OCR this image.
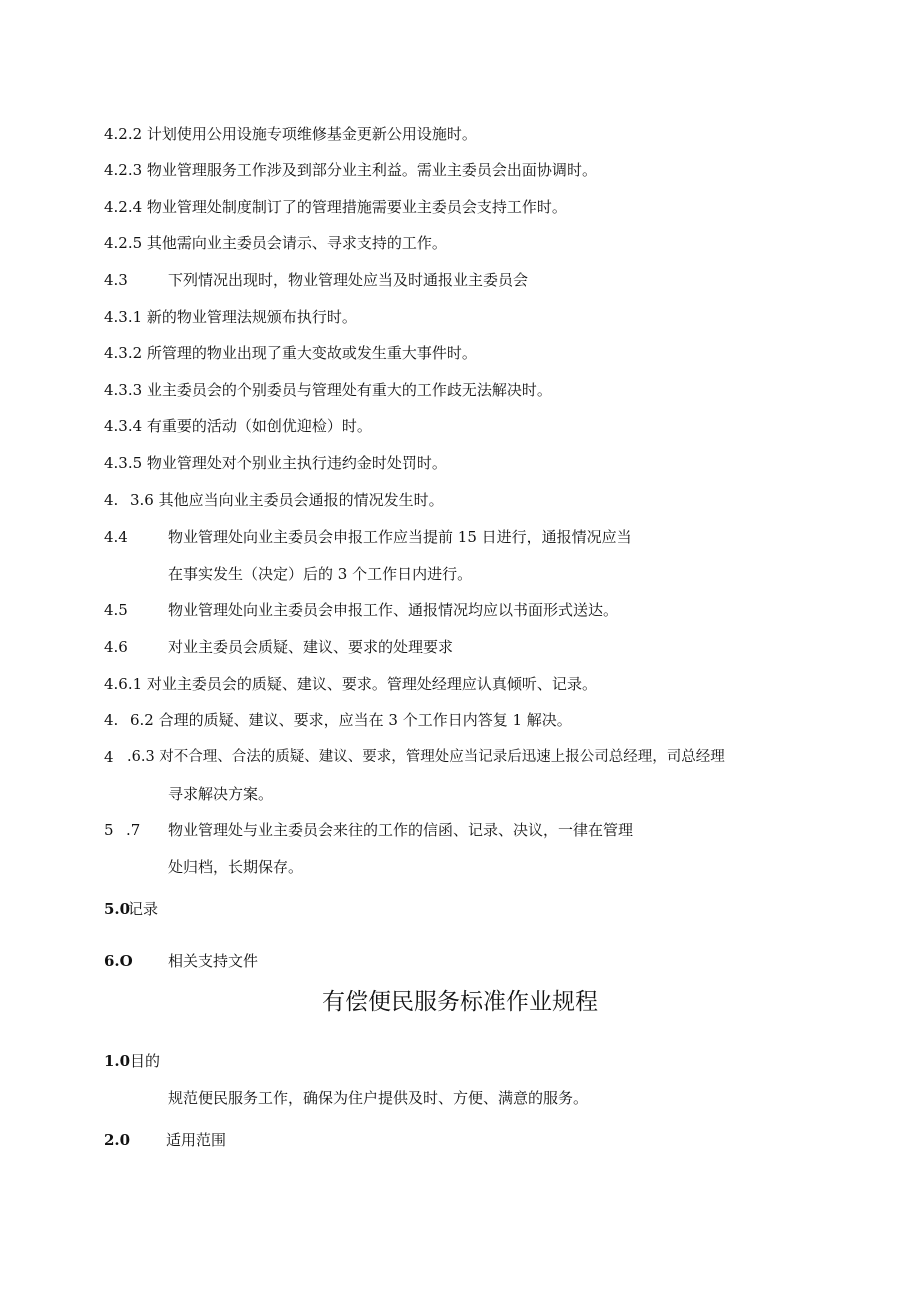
4.2.2 计划使用公用设施专项维修基金更新公用设施时。
4.2.3 物业管理服务工作涉及到部分业主利益。需业主委员会出面协调时。
4.2.4 物业管理处制度制订了的管理措施需要业主委员会支持工作时。
4.2.5 其他需向业主委员会请示、寻求支持的工作。
4.3	下列情况出现时，物业管理处应当及时通报业主委员会
4.3.1 新的物业管理法规颁布执行时。
4.3.2 所管理的物业出现了重大变故或发生重大事件时。
4.3.3 业主委员会的个别委员与管理处有重大的工作歧无法解决时。
4.3.4 有重要的活动（如创优迎检）时。
4.3.5 物业管理处对个别业主执行违约金时处罚时。
4. 3.6 其他应当向业主委员会通报的情况发生时。
4.4	物业管理处向业主委员会申报工作应当提前 15 日进行，通报情况应当
在事实发生（决定）后的 3 个工作日内进行。
4.5	物业管理处向业主委员会申报工作、通报情况均应以书面形式送达。
4.6	对业主委员会质疑、建议、要求的处理要求
4.6.1 对业主委员会的质疑、建议、要求。管理处经理应认真倾听、记录。
4. 6.2 合理的质疑、建议、要求，应当在 3 个工作日内答复 1 解决。
4 .6.3 对不合理、合法的质疑、建议、要求，管理处应当记录后迅速上报公司总经理，司总经理
寻求解决方案。
5 .7 物业管理处与业主委员会来往的工作的信函、记录、决议，一律在管理
处归档，长期保存。
5.0
记录
6.O 相关支持文件
有偿便民服务标准作业规程
1.0 目的
规范便民服务工作，确保为住户提供及时、方便、满意的服务。
2.0 适用范围
